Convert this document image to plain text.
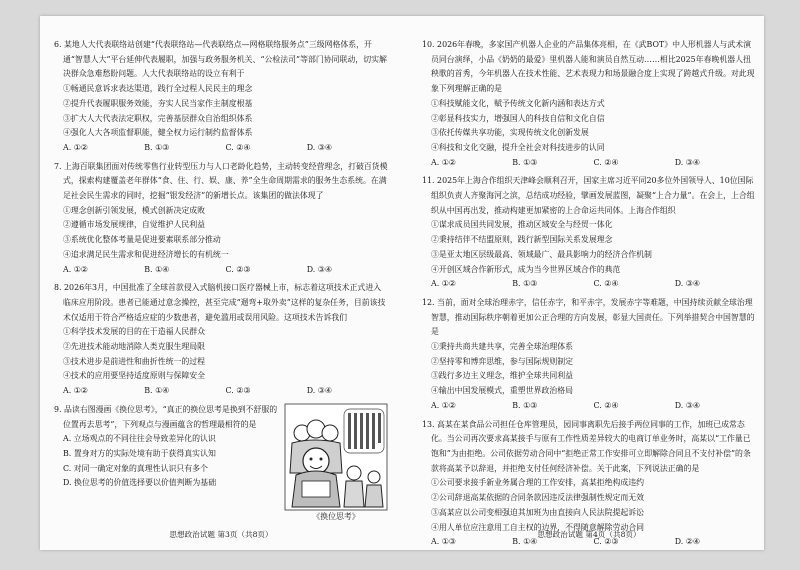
6. 某地人大代表联络站创建“代表联络站—代表联络点—网格联络服务点”三级网格体系，开通“智慧人大”平台延伸代表履职，加强与政务服务机关、“公检法司”等部门协同联动，切实解决群众急难愁盼问题。人大代表联络站的设立有利于
①畅通民意诉求表达渠道，践行全过程人民民主的理念
②提升代表履职服务效能，夯实人民当家作主制度根基
③扩大人大代表法定职权，完善基层群众自治组织体系
④强化人大各项监督职能，健全权力运行制约监督体系
A. ①②	B. ①③	C. ②④	D. ③④
7. 上海百联集团面对传统零售行业转型压力与人口老龄化趋势，主动转变经营理念，打破百货模式，探索构建覆盖老年群体“食、住、行、娱、康、养”全生命周期需求的服务生态系统。在满足社会民生需求的同时，挖掘“银发经济”的新增长点。该集团的做法体现了
①理念创新引领发展，模式创新决定成败
②遵循市场发展规律，自觉维护人民利益
③系统优化整体考量是促进要素联系部分推动
④追求满足民生需求和促进经济增长的有机统一
A. ①②	B. ①④	C. ②③	D. ③④
8. 2026年3月，中国批准了全球首款侵入式脑机接口医疗器械上市，标志着这项技术正式进入临床应用阶段。患者已能通过意念操控，甚至完成“遛弯+取外卖”这样的复杂任务，目前该技术仅适用于符合严格适应症的少数患者，避免滥用或误用风险。这项技术告诉我们
①科学技术发展的目的在于造福人民群众
②先进技术能动地消除人类克服生理局限
③技术进步是前进性和曲折性统一的过程
④技术的应用要坚持适度原则与保障安全
A. ①②	B. ①④	C. ②③	D. ③④
9. 品读右图漫画《换位思考》，“真正的换位思考是换到不舒服的位置再去思考”，下列观点与漫画蕴含的哲理最相符的是
A. 立场观点的不同往往会导致差异化的认识
B. 置身对方的实际处境有助于获得真实认知
C. 对同一确定对象的真理性认识只有多个
D. 换位思考的价值选择要以价值判断为基础
《换位思考》
10. 2026年春晚，多家国产机器人企业的产品集体亮相，在《武BOT》中人形机器人与武术演员同台演绎，小品《奶奶的最爱》里机器人能和演员自然互动……相比2025年春晚机器人扭秧歌的首秀，今年机器人在技术性能、艺术表现力和场景融合度上实现了跨越式升级。对此现象下列理解正确的是
①科技赋能文化，赋予传统文化新内涵和表达方式
②彰显科技实力，增强国人的科技自信和文化自信
③依托传媒共享功能，实现传统文化创新发展
④科技和文化交融，提升全社会对科技进步的认同
A. ①②	B. ①③	C. ②④	D. ③④
11. 2025年上海合作组织天津峰会顺利召开，国家主席习近平同20多位外国领导人、10位国际组织负责人齐聚海河之滨，总结成功经验，擘画发展蓝图，凝聚“上合力量”。在会上，上合组织从中国再出发，推动构建更加紧密的上合命运共同体。上海合作组织
①谋求成员国共同发展，推动区域安全与经贸一体化
②秉持结伴不结盟原则，践行新型国际关系发展理念
③是亚太地区层级最高、领域最广、最具影响力的经济合作机制
④开创区域合作新形式，成为当今世界区域合作的典范
A. ①②	B. ①③	C. ②④	D. ③④
12. 当前，面对全球治理赤字，信任赤字，和平赤字，发展赤字等难题，中国持续贡献全球治理智慧，推动国际秩序朝着更加公正合理的方向发展，彰显大国责任。下列举措契合中国智慧的是
①秉持共商共建共享，完善全球治理体系
②坚持零和博弈思维，参与国际规则制定
③践行多边主义理念，维护全球共同利益
④输出中国发展模式，重塑世界政治格局
A. ①②	B. ①③	C. ②④	D. ③④
13. 高某在某食品公司担任仓库管理员，园同事离职先后接手两位同事的工作，加班已成常态化。当公司再次要求高某接手与原有工作性质差异较大的电商订单业务时，高某以“工作量已饱和”为由拒绝。公司依据劳动合同中“拒绝正常工作安排可立即解除合同且不支付补偿”的条款将高某予以辞退，并拒绝支付任何经济补偿。关于此案，下列说法正确的是
①公司要求接手新业务属合理的工作安排，高某拒绝构成违约
②公司辞退高某依据的合同条款因违反法律强制性规定而无效
③高某应以公司变相强迫其加班为由直接向人民法院提起诉讼
④用人单位应注意用工自主权的边界，不得随意解除劳动合同
A. ①③	B. ①④	C. ②③	D. ②④
思想政治试题 第3页（共8页）	思想政治试题 第4页（共8页）
